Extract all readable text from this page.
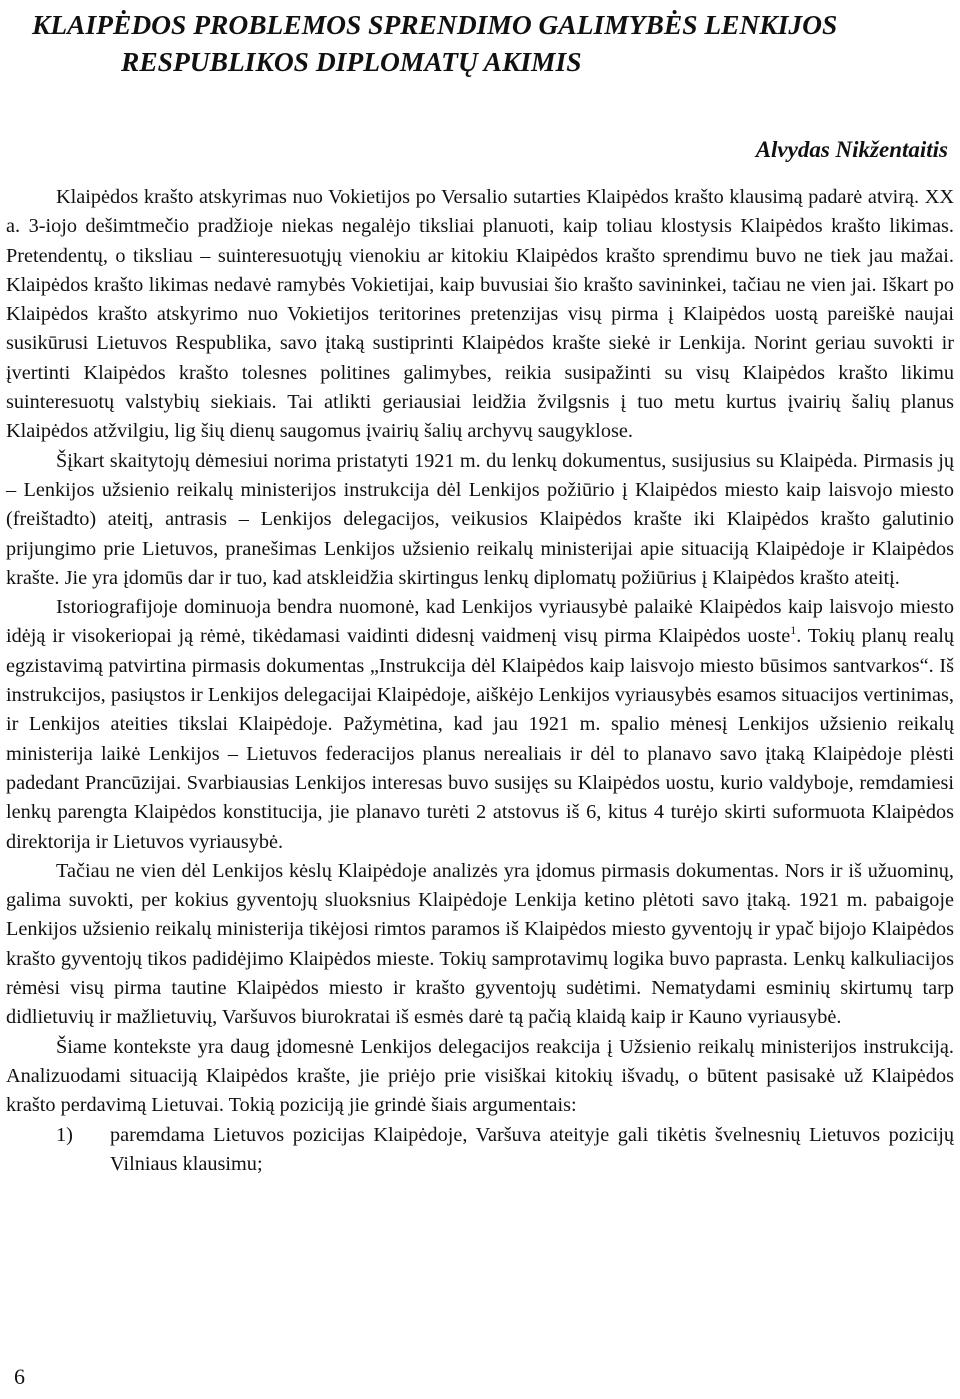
KLAIPĖDOS PROBLEMOS SPRENDIMO GALIMYBĖS LENKIJOS
RESPUBLIKOS DIPLOMATŲ AKIMIS
Alvydas Nikžentaitis

Klaipėdos krašto atskyrimas nuo Vokietijos po Versalio sutarties Klaipėdos krašto klausimą padarė atvirą. XX a. 3-iojo dešimtmečio pradžioje niekas negalėjo tiksliai planuoti, kaip toliau klostysis Klaipėdos krašto likimas. Pretendentų, o tiksliau – suinteresuotųjų vienokiu ar kitokiu Klaipėdos krašto sprendimu buvo ne tiek jau mažai. Klaipėdos krašto likimas nedavė ramybės Vokietijai, kaip buvusiai šio krašto savininkei, tačiau ne vien jai. Iškart po Klaipėdos krašto atskyrimo nuo Vokietijos teritorines pretenzijas visų pirma į Klaipėdos uostą pareiškė naujai susikūrusi Lietuvos Respublika, savo įtaką sustiprinti Klaipėdos krašte siekė ir Lenkija. Norint geriau suvokti ir įvertinti Klaipėdos krašto tolesnes politines galimybes, reikia susipažinti su visų Klaipėdos krašto likimu suinteresuotų valstybių siekiais. Tai atlikti geriausiai leidžia žvilgsnis į tuo metu kurtus įvairių šalių planus Klaipėdos atžvilgiu, lig šių dienų saugomus įvairių šalių archyvų saugyklose.

Šįkart skaitytojų dėmesiui norima pristatyti 1921 m. du lenkų dokumentus, susijusius su Klaipėda. Pirmasis jų – Lenkijos užsienio reikalų ministerijos instrukcija dėl Lenkijos požiūrio į Klaipėdos miesto kaip laisvojo miesto (freištadto) ateitį, antrasis – Lenkijos delegacijos, veikusios Klaipėdos krašte iki Klaipėdos krašto galutinio prijungimo prie Lietuvos, pranešimas Lenkijos užsienio reikalų ministerijai apie situaciją Klaipėdoje ir Klaipėdos krašte. Jie yra įdomūs dar ir tuo, kad atskleidžia skirtingus lenkų diplomatų požiūrius į Klaipėdos krašto ateitį.

Istoriografijoje dominuoja bendra nuomonė, kad Lenkijos vyriausybė palaikė Klaipėdos kaip laisvojo miesto idėją ir visokeriopai ją rėmė, tikėdamasi vaidinti didesnį vaidmenį visų pirma Klaipėdos uoste$^1$. Tokių planų realų egzistavimą patvirtina pirmasis dokumentas „Instrukcija dėl Klaipėdos kaip laisvojo miesto būsimos santvarkos“. Iš instrukcijos, pasiųstos ir Lenkijos delegacijai Klaipėdoje, aiškėjo Lenkijos vyriausybės esamos situacijos vertinimas, ir Lenkijos ateities tikslai Klaipėdoje. Pažymėtina, kad jau 1921 m. spalio mėnesį Lenkijos užsienio reikalų ministerija laikė Lenkijos – Lietuvos federacijos planus nerealiais ir dėl to planavo savo įtaką Klaipėdoje plėsti padedant Prancūzijai. Svarbiausias Lenkijos interesas buvo susijęs su Klaipėdos uostu, kurio valdyboje, remdamiesi lenkų parengta Klaipėdos konstitucija, jie planavo turėti 2 atstovus iš 6, kitus 4 turėjo skirti suformuota Klaipėdos direktorija ir Lietuvos vyriausybė.

Tačiau ne vien dėl Lenkijos kėslų Klaipėdoje analizės yra įdomus pirmasis dokumentas. Nors ir iš užuominų, galima suvokti, per kokius gyventojų sluoksnius Klaipėdoje Lenkija ketino plėtoti savo įtaką. 1921 m. pabaigoje Lenkijos užsienio reikalų ministerija tikėjosi rimtos paramos iš Klaipėdos miesto gyventojų ir ypač bijojo Klaipėdos krašto gyventojų tikos padidėjimo Klaipėdos mieste. Tokių samprotavimų logika buvo paprasta. Lenkų kalkuliacijos rėmėsi visų pirma tautine Klaipėdos miesto ir krašto gyventojų sudėtimi. Nematydami esminių skirtumų tarp didlietuvių ir mažlietuvių, Varšuvos biurokratai iš esmės darė tą pačią klaidą kaip ir Kauno vyriausybė.

Šiame kontekste yra daug įdomesnė Lenkijos delegacijos reakcija į Užsienio reikalų ministerijos instrukciją. Analizuodami situaciją Klaipėdos krašte, jie priėjo prie visiškai kitokių išvadų, o būtent pasisakė už Klaipėdos krašto perdavimą Lietuvai. Tokią poziciją jie grindė šiais argumentais:

1)	paremdama Lietuvos pozicijas Klaipėdoje, Varšuva ateityje gali tikėtis švelnesnių Lietuvos pozicijų Vilniaus klausimu;
6
